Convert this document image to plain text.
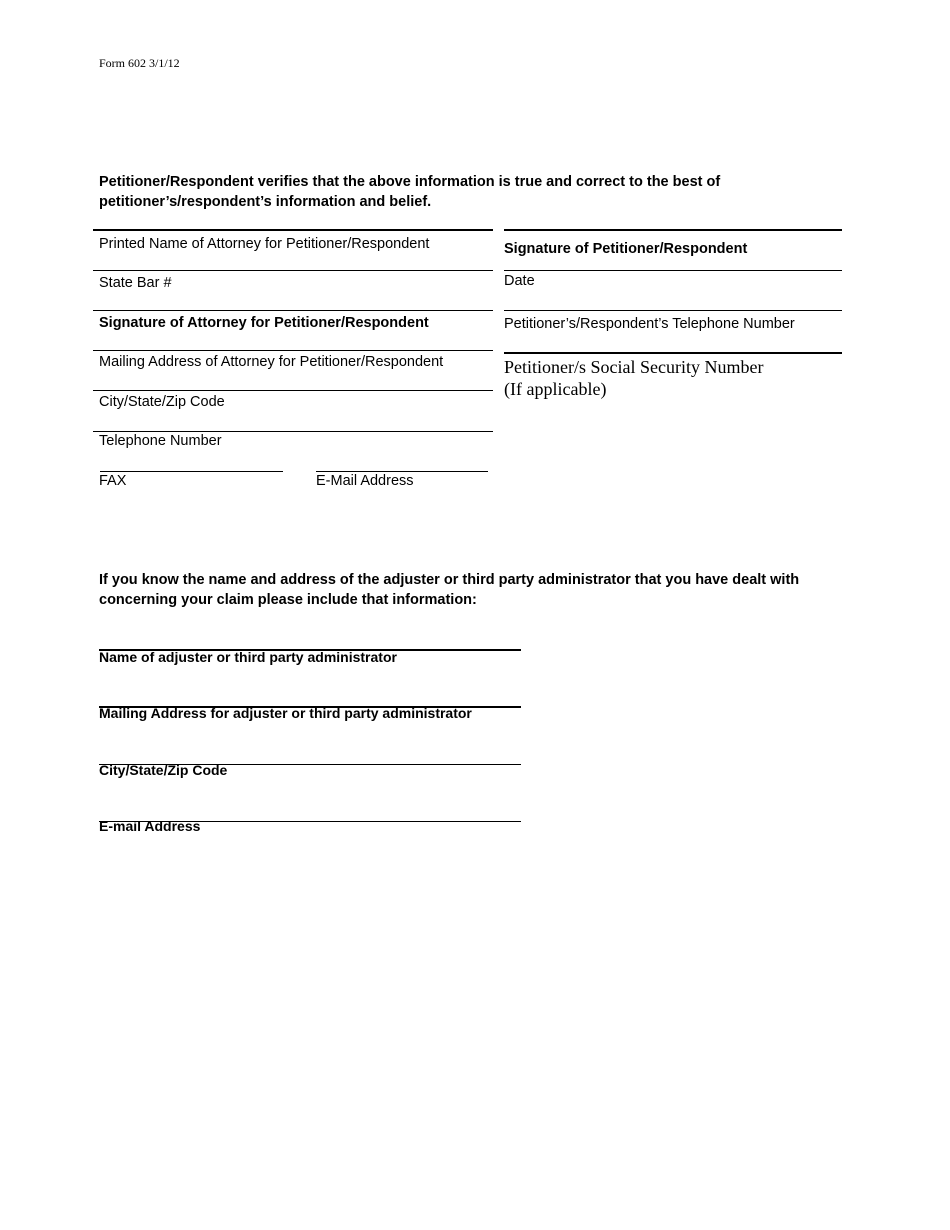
Form 602 3/1/12
Petitioner/Respondent verifies that the above information is true and correct to the best of
petitioner’s/respondent’s information and belief.
Printed Name of Attorney for Petitioner/Respondent
State Bar #
Signature of Attorney for Petitioner/Respondent
Mailing Address of Attorney for Petitioner/Respondent
City/State/Zip Code
Telephone Number
FAX	E-Mail Address
Signature of Petitioner/Respondent
Date
Petitioner’s/Respondent’s Telephone Number
Petitioner/s Social Security Number
(If applicable)
If you know the name and address of the adjuster or third party administrator that you have dealt with
concerning your claim please include that information:
Name of adjuster or third party administrator
Mailing Address for adjuster or third party administrator
City/State/Zip Code
E-mail Address
